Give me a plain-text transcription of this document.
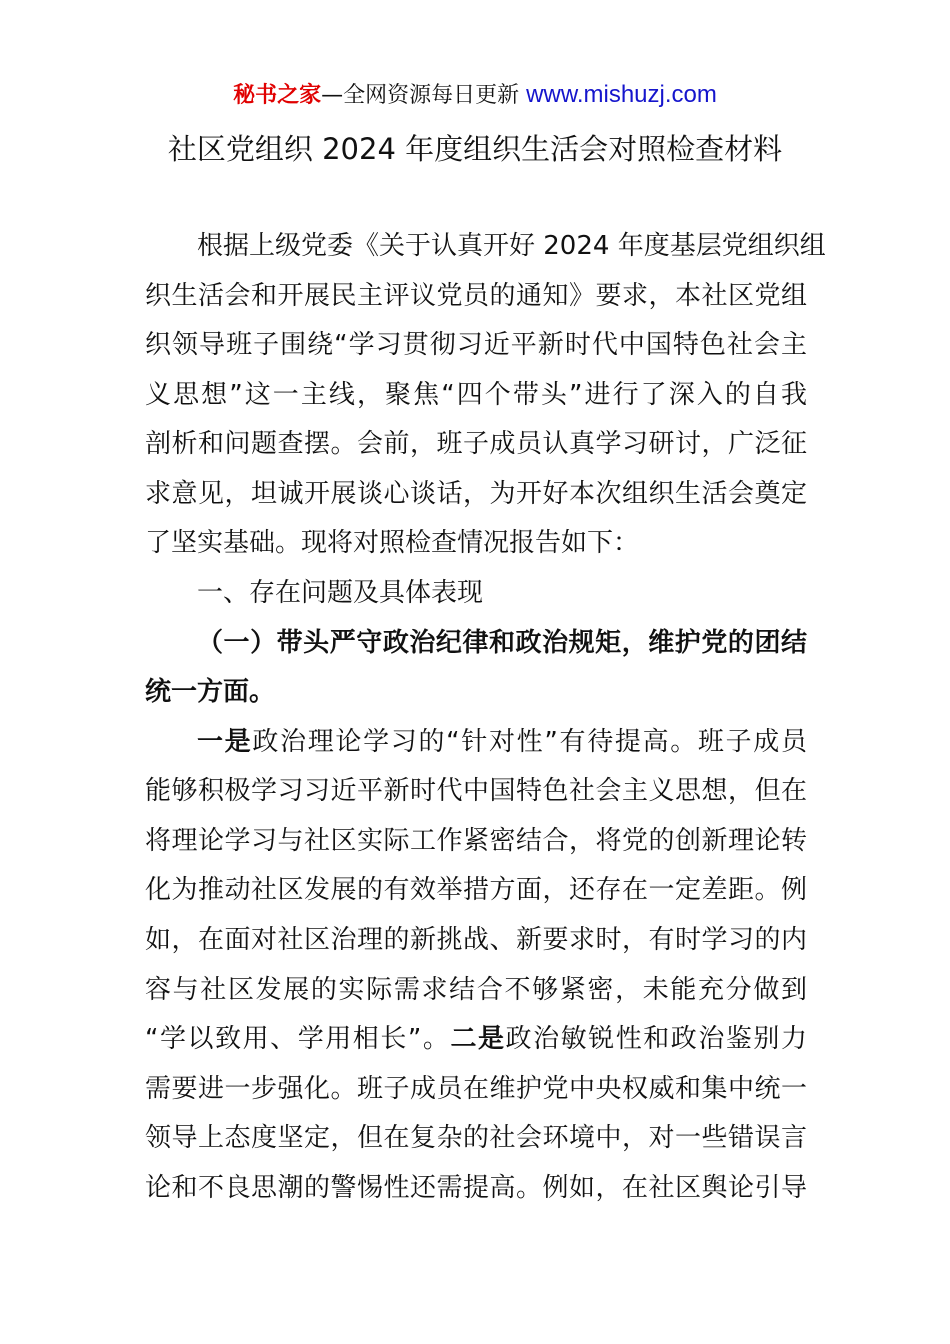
秘书之家—全网资源每日更新 www.mishuzj.com
社区党组织 2024 年度组织生活会对照检查材料
根据上级党委《关于认真开好 2024 年度基层党组织组
织生活会和开展民主评议党员的通知》要求，本社区党组
织领导班子围绕“学习贯彻习近平新时代中国特色社会主
义思想”这一主线，聚焦“四个带头”进行了深入的自我
剖析和问题查摆。会前，班子成员认真学习研讨，广泛征
求意见，坦诚开展谈心谈话，为开好本次组织生活会奠定
了坚实基础。现将对照检查情况报告如下：
一、存在问题及具体表现
（一）带头严守政治纪律和政治规矩，维护党的团结
统一方面。
一是政治理论学习的“针对性”有待提高。班子成员
能够积极学习习近平新时代中国特色社会主义思想，但在
将理论学习与社区实际工作紧密结合，将党的创新理论转
化为推动社区发展的有效举措方面，还存在一定差距。例
如，在面对社区治理的新挑战、新要求时，有时学习的内
容与社区发展的实际需求结合不够紧密，未能充分做到
“学以致用、学用相长”。二是政治敏锐性和政治鉴别力
需要进一步强化。班子成员在维护党中央权威和集中统一
领导上态度坚定，但在复杂的社会环境中，对一些错误言
论和不良思潮的警惕性还需提高。例如，在社区舆论引导
